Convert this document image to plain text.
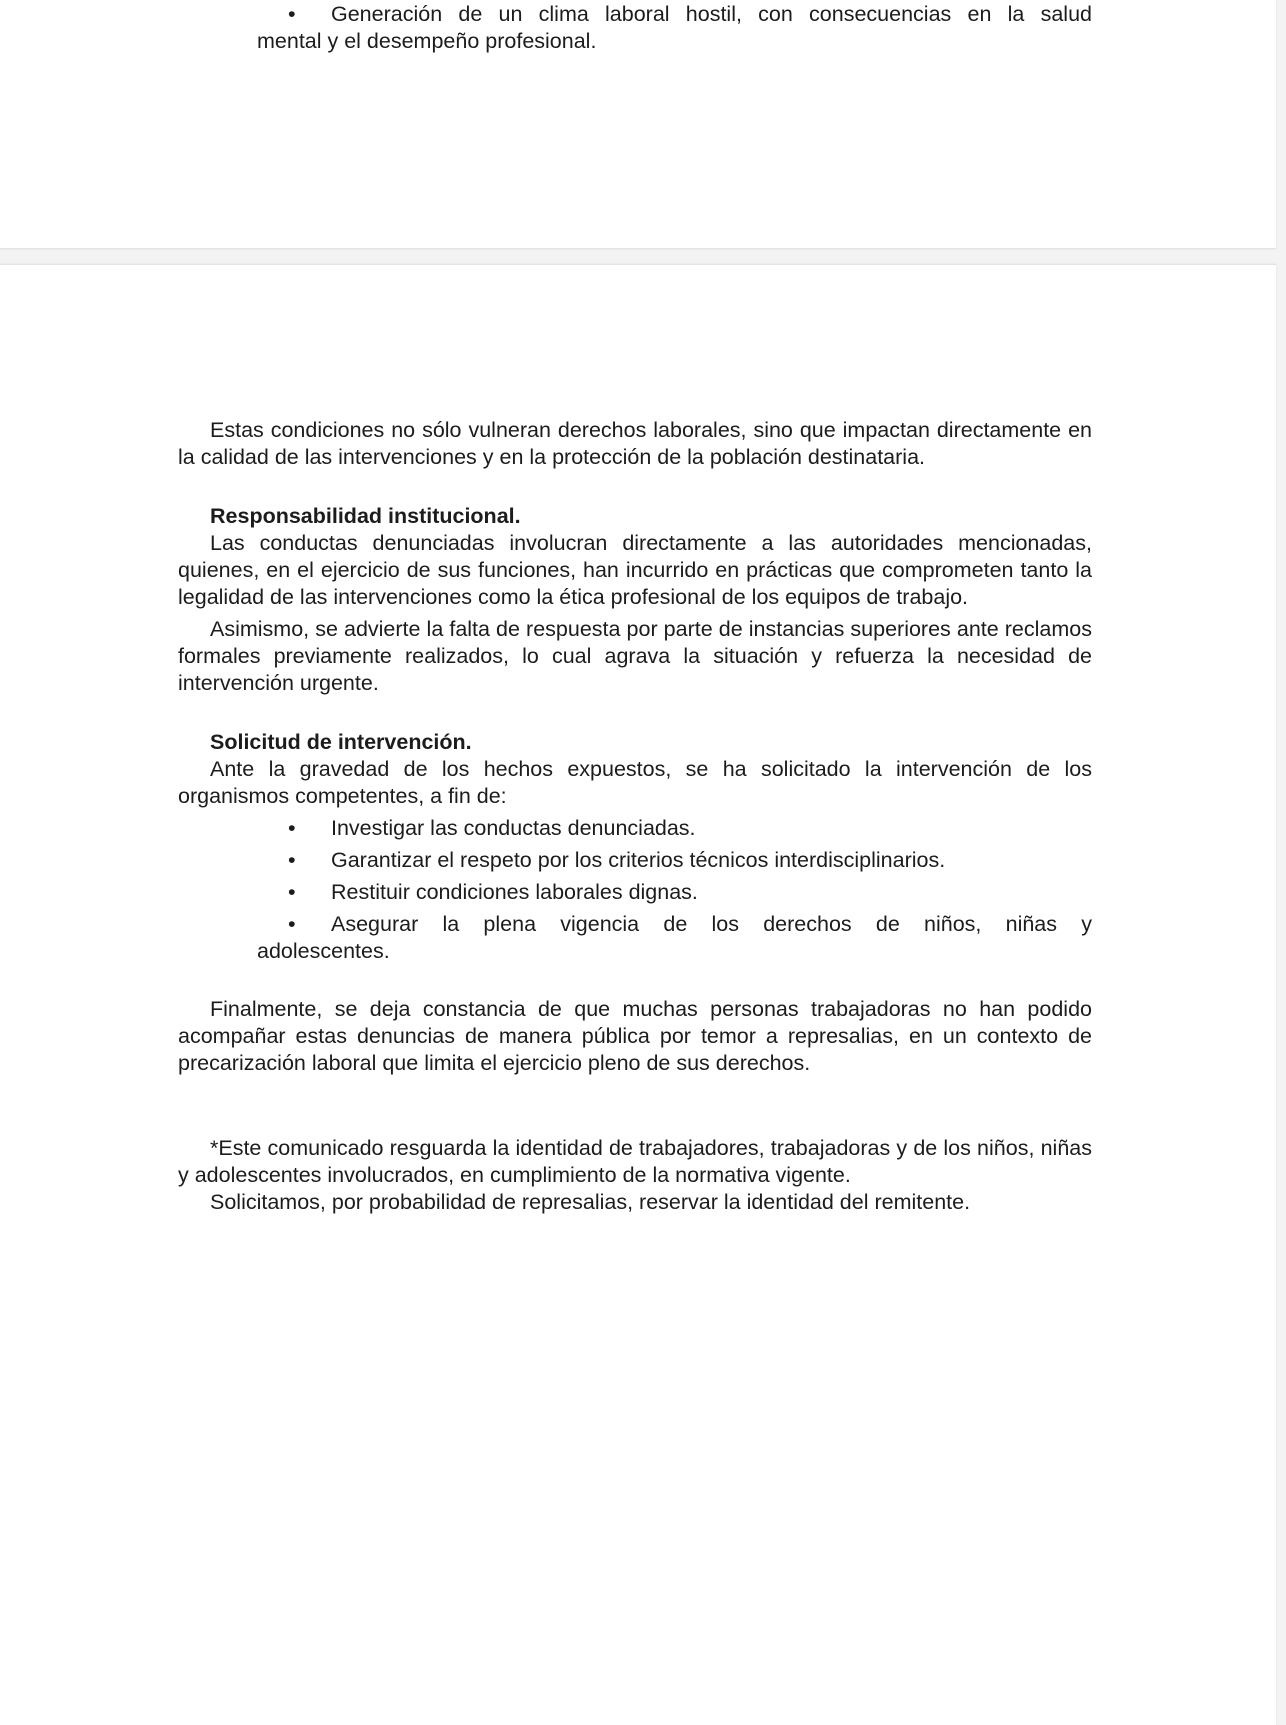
• Generación de un clima laboral hostil, con consecuencias en la salud
mental y el desempeño profesional.

Estas condiciones no sólo vulneran derechos laborales, sino que impactan directamente en la calidad de las intervenciones y en la protección de la población destinataria.

Responsabilidad institucional.

Las conductas denunciadas involucran directamente a las autoridades mencionadas, quienes, en el ejercicio de sus funciones, han incurrido en prácticas que comprometen tanto la legalidad de las intervenciones como la ética profesional de los equipos de trabajo.

Asimismo, se advierte la falta de respuesta por parte de instancias superiores ante reclamos formales previamente realizados, lo cual agrava la situación y refuerza la necesidad de intervención urgente.

Solicitud de intervención.

Ante la gravedad de los hechos expuestos, se ha solicitado la intervención de los organismos competentes, a fin de:

• Investigar las conductas denunciadas.
• Garantizar el respeto por los criterios técnicos interdisciplinarios.
• Restituir condiciones laborales dignas.
• Asegurar la plena vigencia de los derechos de niños, niñas y
adolescentes.

Finalmente, se deja constancia de que muchas personas trabajadoras no han podido acompañar estas denuncias de manera pública por temor a represalias, en un contexto de precarización laboral que limita el ejercicio pleno de sus derechos.

*Este comunicado resguarda la identidad de trabajadores, trabajadoras y de los niños, niñas y adolescentes involucrados, en cumplimiento de la normativa vigente.

Solicitamos, por probabilidad de represalias, reservar la identidad del remitente.
